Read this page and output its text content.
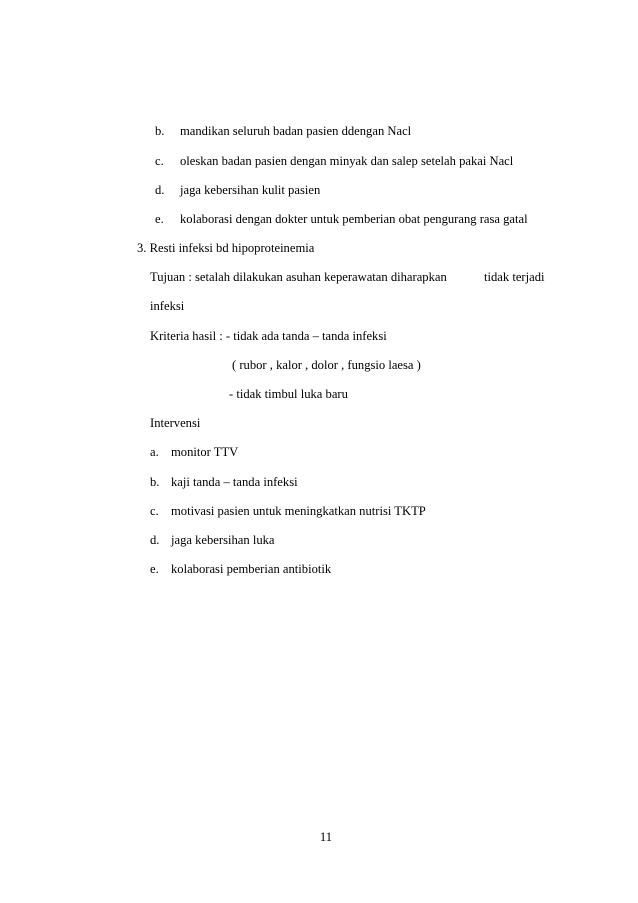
b. mandikan seluruh badan pasien ddengan Nacl
c. oleskan badan pasien dengan minyak dan salep setelah pakai Nacl
d. jaga kebersihan kulit pasien
e. kolaborasi dengan dokter untuk pemberian obat pengurang rasa gatal
3. Resti infeksi bd hipoproteinemia
Tujuan : setalah dilakukan asuhan keperawatan diharapkan	tidak terjadi
infeksi
Kriteria hasil : - tidak ada tanda – tanda infeksi
( rubor , kalor , dolor , fungsio laesa )
- tidak timbul luka baru
Intervensi
a. monitor TTV
b. kaji tanda – tanda infeksi
c. motivasi pasien untuk meningkatkan nutrisi TKTP
d. jaga kebersihan luka
e. kolaborasi pemberian antibiotik
11
